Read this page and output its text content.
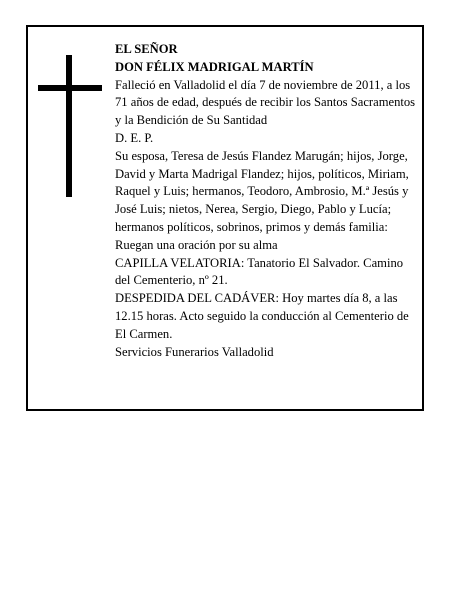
EL SEÑOR

DON FÉLIX MADRIGAL MARTÍN

Falleció en Valladolid el día 7 de noviembre de 2011, a los 71 años de edad, después de recibir los Santos Sacramentos y la Bendición de Su Santidad

D. E. P.

Su esposa, Teresa de Jesús Flandez Marugán; hijos, Jorge, David y Marta Madrigal Flandez; hijos, políticos, Miriam, Raquel y Luis; hermanos, Teodoro, Ambrosio, M.ª Jesús y José Luis; nietos, Nerea, Sergio, Diego, Pablo y Lucía; hermanos políticos, sobrinos, primos y demás familia:

Ruegan una oración por su alma

CAPILLA VELATORIA: Tanatorio El Salvador. Camino del Cementerio, nº 21.

DESPEDIDA DEL CADÁVER: Hoy martes día 8, a las 12.15 horas. Acto seguido la conducción al Cementerio de El Carmen.

Servicios Funerarios Valladolid
